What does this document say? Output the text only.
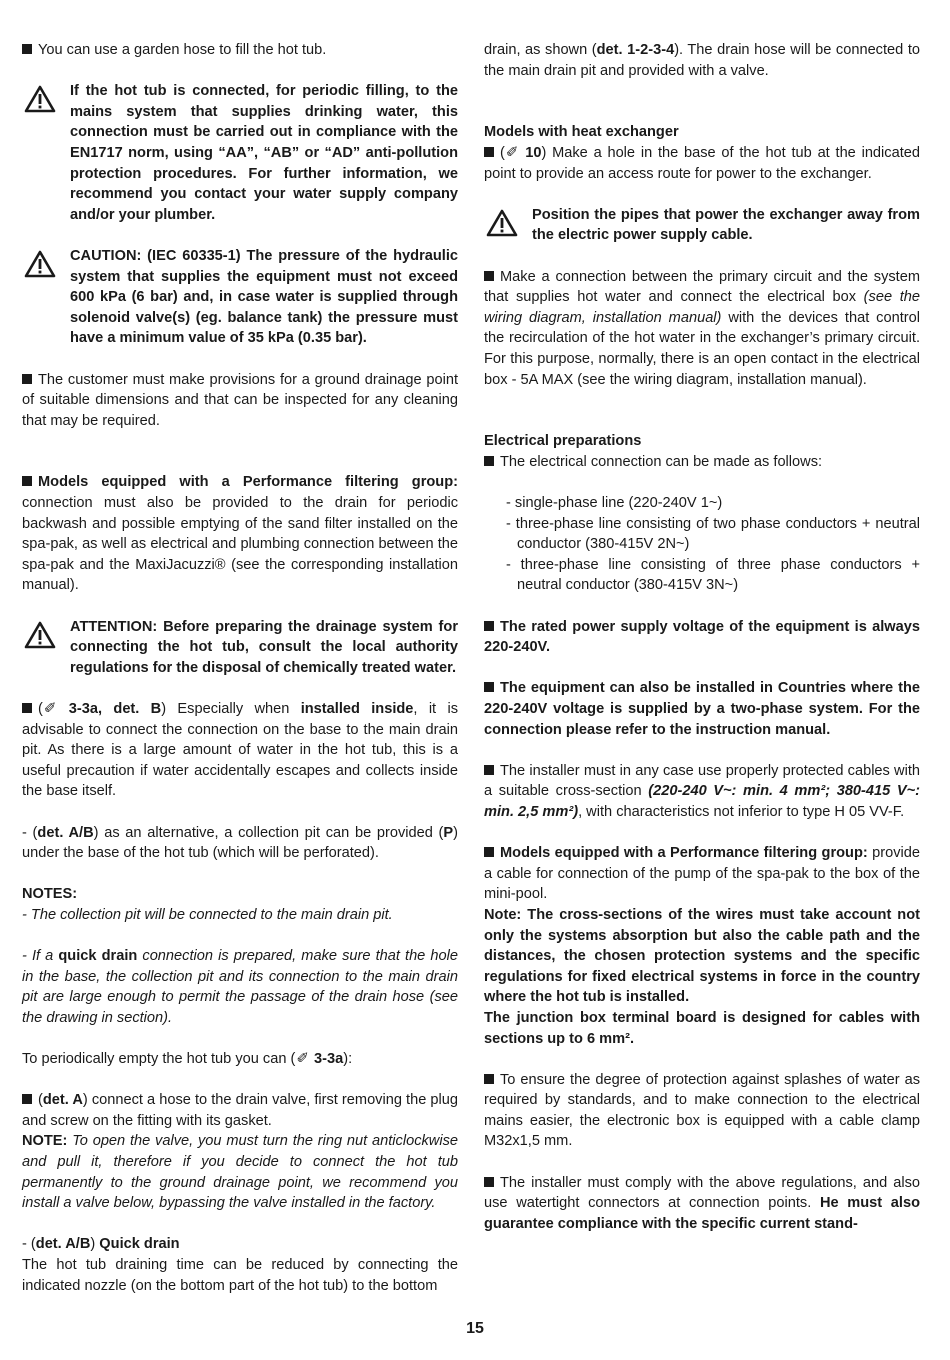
You can use a garden hose to fill the hot tub.

If the hot tub is connected, for periodic filling, to the mains system that supplies drinking water, this connection must be carried out in compliance with the EN1717 norm, using “AA”, “AB” or “AD” anti-pollution protection procedures. For further information, we recommend you contact your water supply company and/or your plumber.

CAUTION: (IEC 60335-1) The pressure of the hydraulic system that supplies the equipment must not exceed 600 kPa (6 bar) and, in case water is supplied through solenoid valve(s) (eg. balance tank) the pressure must have a minimum value of 35 kPa (0.35 bar).

The customer must make provisions for a ground drainage point of suitable dimensions and that can be inspected for any cleaning that may be required.

Models equipped with a Performance filtering group: connection must also be provided to the drain for periodic backwash and possible emptying of the sand filter installed on the spa-pak, as well as electrical and plumbing connection between the spa-pak and the MaxiJacuzzi® (see the corresponding installation manual).

ATTENTION: Before preparing the drainage system for connecting the hot tub, consult the local authority regulations for the disposal of chemically treated water.

(✐ 3-3a, det. B) Especially when installed inside, it is advisable to connect the connection on the base to the main drain pit. As there is a large amount of water in the hot tub, this is a useful precaution if water accidentally escapes and collects inside the base itself.

- (det. A/B) as an alternative, a collection pit can be provided (P) under the base of the hot tub (which will be perforated).

NOTES:

- The collection pit will be connected to the main drain pit.

- If a quick drain connection is prepared, make sure that the hole in the base, the collection pit and its connection to the main drain pit are large enough to permit the passage of the drain hose (see the drawing in section).

To periodically empty the hot tub you can (✐ 3-3a):

(det. A) connect a hose to the drain valve, first removing the plug and screw on the fitting with its gasket.

NOTE: To open the valve, you must turn the ring nut anticlockwise and pull it, therefore if you decide to connect the hot tub permanently to the ground drainage point, we recommend you install a valve below, bypassing the valve installed in the factory.

- (det. A/B) Quick drain

The hot tub draining time can be reduced by connecting the indicated nozzle (on the bottom part of the hot tub) to the bottom

drain, as shown (det. 1-2-3-4). The drain hose will be connected to the main drain pit and provided with a valve.

Models with heat exchanger

(✐ 10) Make a hole in the base of the hot tub at the indicated point to provide an access route for power to the exchanger.

Position the pipes that power the exchanger away from the electric power supply cable.

Make a connection between the primary circuit and the system that supplies hot water and connect the electrical box (see the wiring diagram, installation manual) with the devices that control the recirculation of the hot water in the exchanger’s primary circuit. For this purpose, normally, there is an open contact in the electrical box - 5A MAX (see the wiring diagram, installation manual).

Electrical preparations

The electrical connection can be made as follows:

- single-phase line (220-240V 1~)
- three-phase line consisting of two phase conductors + neutral conductor (380-415V 2N~)
- three-phase line consisting of three phase conductors + neutral conductor (380-415V 3N~)

The rated power supply voltage of the equipment is always 220-240V.

The equipment can also be installed in Countries where the 220-240V voltage is supplied by a two-phase system. For the connection please refer to the instruction manual.

The installer must in any case use properly protected cables with a suitable cross-section (220-240 V~: min. 4 mm²; 380-415 V~: min. 2,5 mm²), with characteristics not inferior to type H 05 VV-F.

Models equipped with a Performance filtering group: provide a cable for connection of the pump of the spa-pak to the box of the mini-pool.

Note: The cross-sections of the wires must take account not only the systems absorption but also the cable path and the distances, the chosen protection systems and the specific regulations for fixed electrical systems in force in the country where the hot tub is installed.

The junction box terminal board is designed for cables with sections up to 6 mm².

To ensure the degree of protection against splashes of water as required by standards, and to make connection to the electrical mains easier, the electronic box is equipped with a cable clamp M32x1,5 mm.

The installer must comply with the above regulations, and also use watertight connectors at connection points. He must also guarantee compliance with the specific current stand-

15
